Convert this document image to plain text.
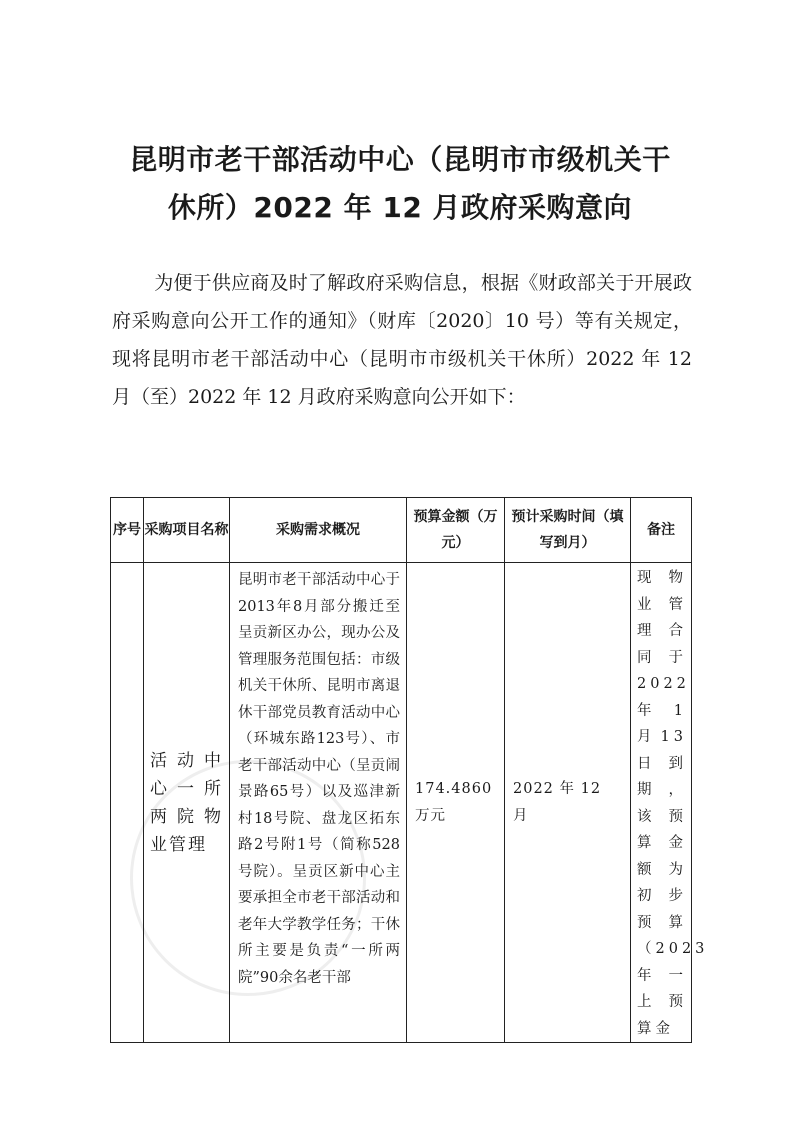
昆明市老干部活动中心（昆明市市级机关干
休所）2022 年 12 月政府采购意向
为便于供应商及时了解政府采购信息，根据《财政部关于开展政府采购意向公开工作的通知》（财库〔2020〕10 号）等有关规定，现将昆明市老干部活动中心（昆明市市级机关干休所）2022 年 12 月（至）2022 年 12 月政府采购意向公开如下：
序号	采购项目名称	采购需求概况	预算金额（万元）	预计采购时间（填写到月）	备注
	活动中心一所两院物业管理	昆明市老干部活动中心于2013年8月部分搬迁至呈贡新区办公，现办公及管理服务范围包括：市级机关干休所、昆明市离退休干部党员教育活动中心（环城东路123号）、市老干部活动中心（呈贡闹景路65号）以及巡津新村18号院、盘龙区拓东路2号附1号（简称528号院）。呈贡区新中心主要承担全市老干部活动和老年大学教学任务；干休所主要是负责“一所两院”90余名老干部	174.4860万元	2022 年 12 月	现物业管理合同于2022年1月13日到期，该预算金额为初步预算（2023年一上预算金
